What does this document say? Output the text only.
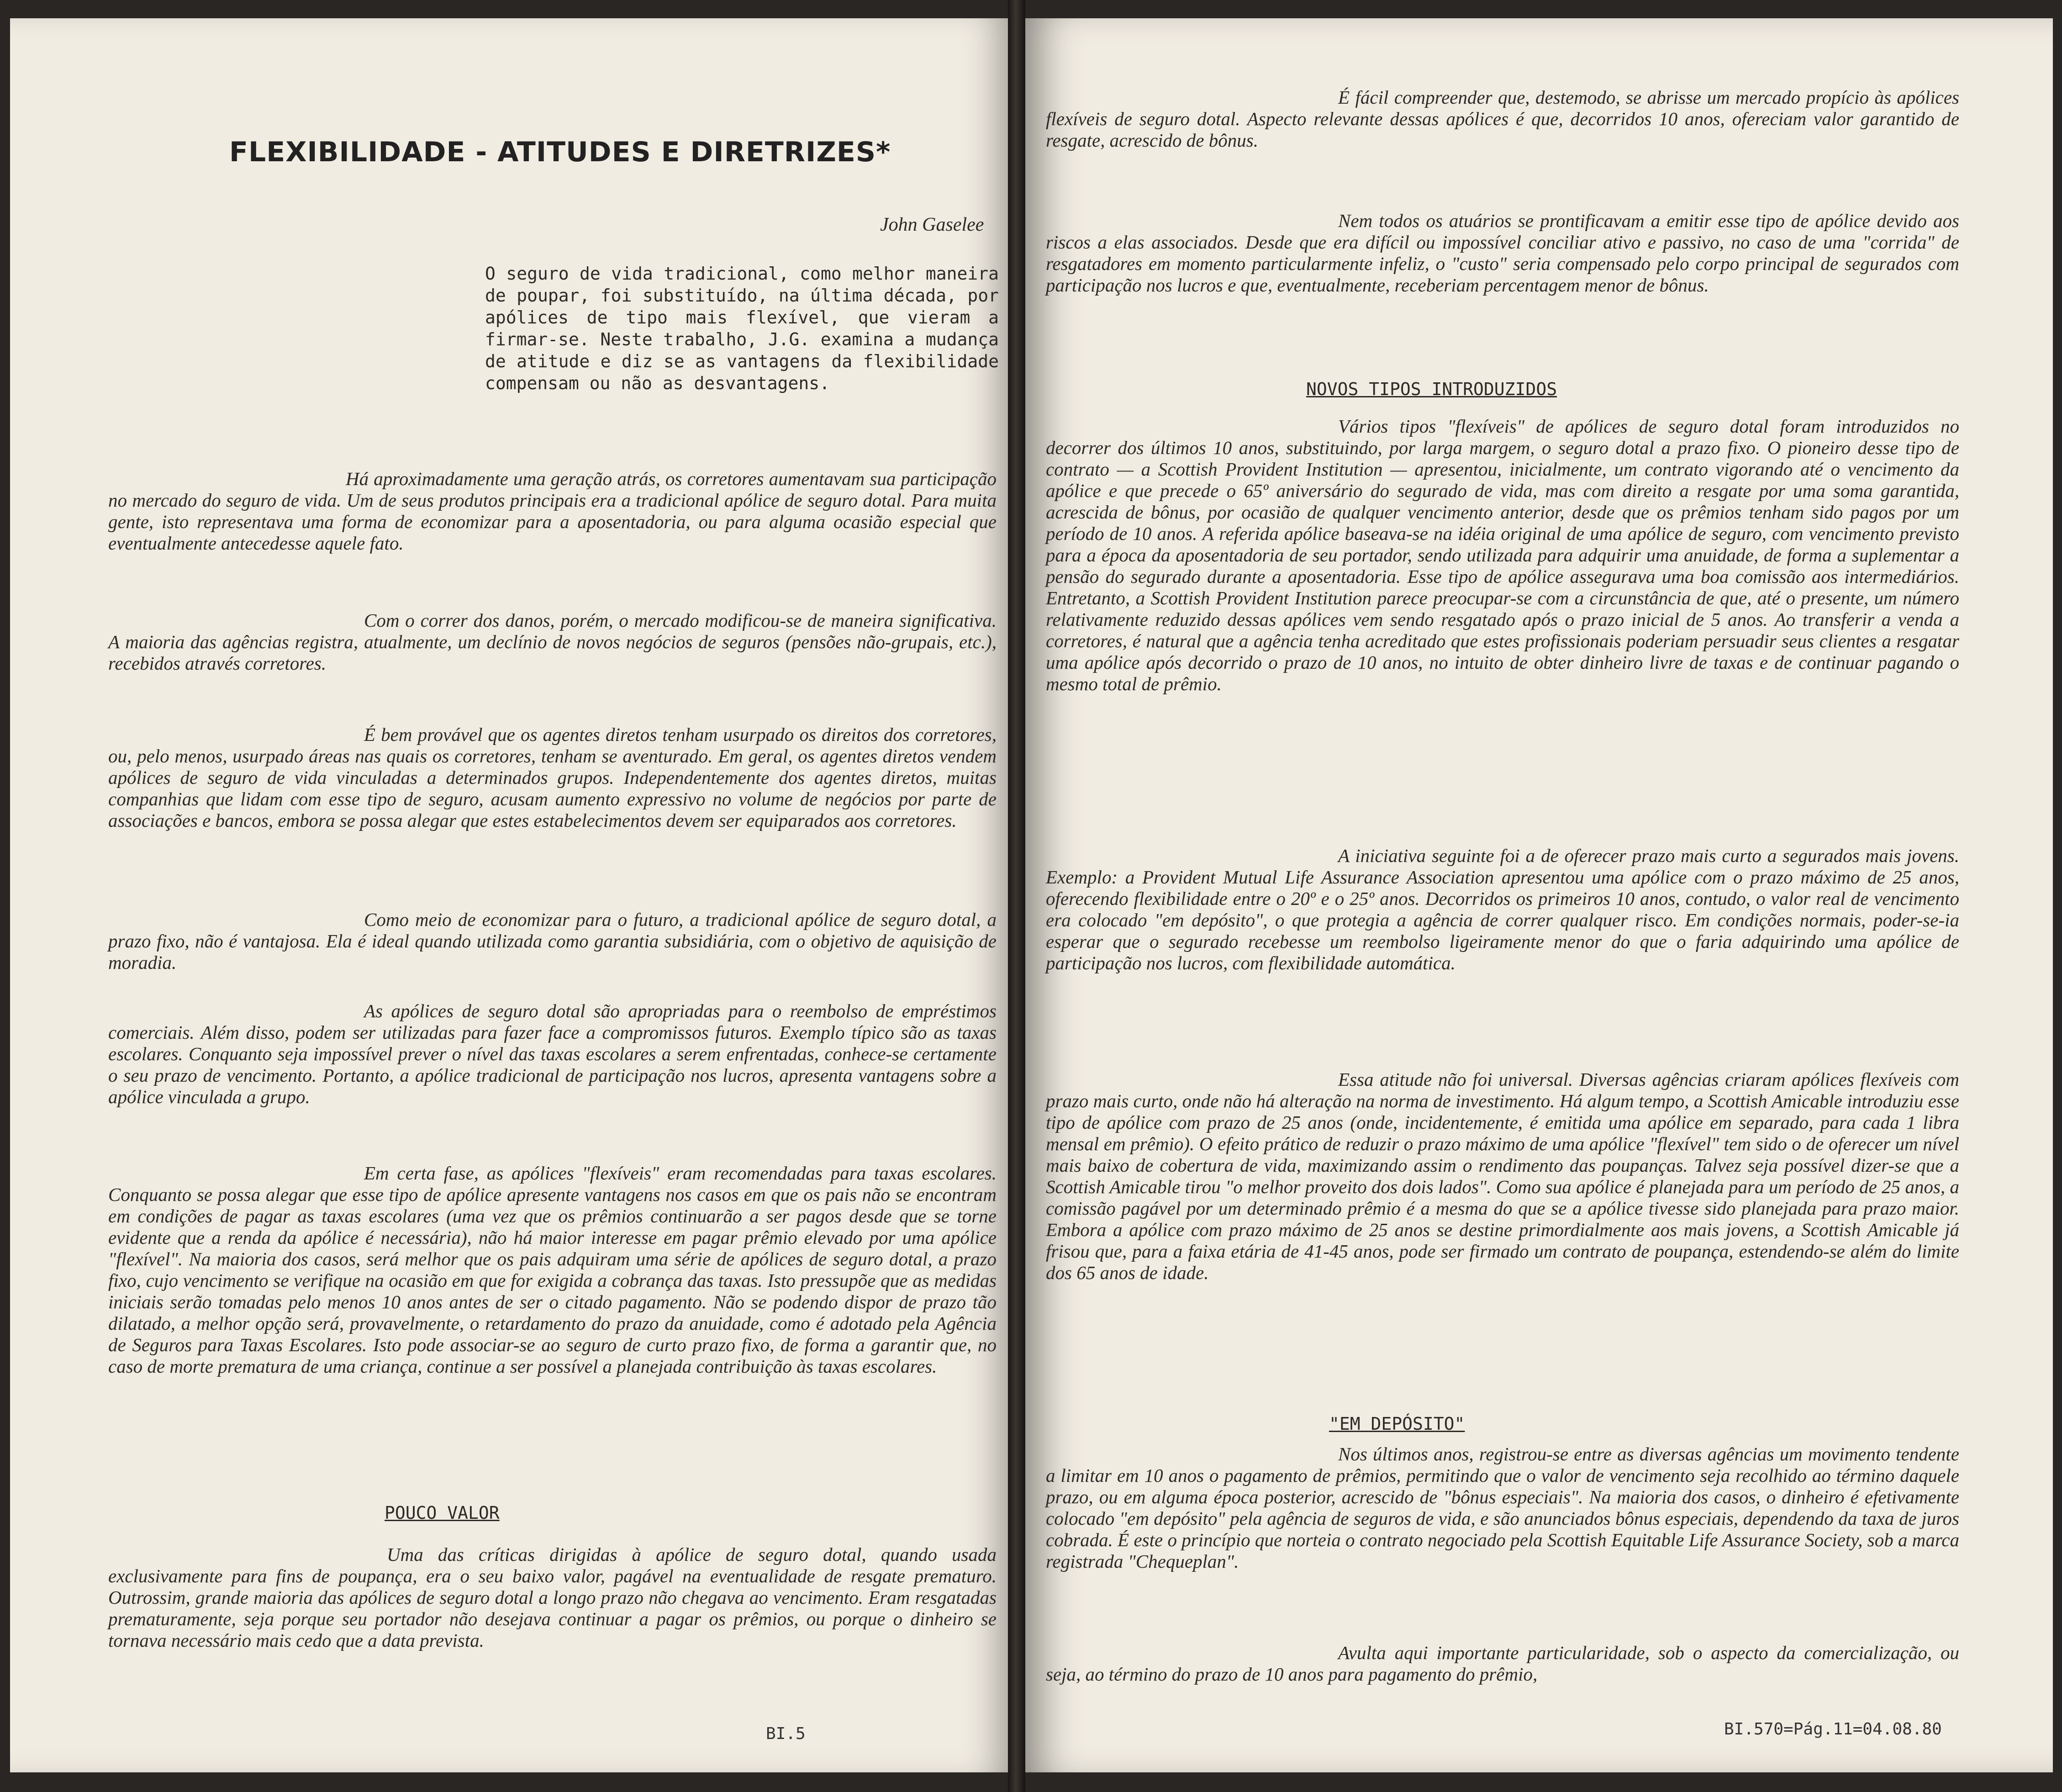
FLEXIBILIDADE - ATITUDES E DIRETRIZES*
John Gaselee
O seguro de vida tradicional, como melhor maneira de poupar, foi substituído, na última década, por apólices de tipo mais flexível, que vieram a firmar-se. Neste trabalho, J.G. examina a mudança de atitude e diz se as vantagens da flexibilidade compensam ou não as desvantagens.
Há aproximadamente uma geração atrás, os corretores aumentavam sua participação no mercado do seguro de vida. Um de seus produtos principais era a tradicional apólice de seguro dotal. Para muita gente, isto representava uma forma de economizar para a aposentadoria, ou para alguma ocasião especial que eventualmente antecedesse aquele fato.
Com o correr dos danos, porém, o mercado modificou-se de maneira significativa. A maioria das agências registra, atualmente, um declínio de novos negócios de seguros (pensões não-grupais, etc.), recebidos através corretores.
É bem provável que os agentes diretos tenham usurpado os direitos dos corretores, ou, pelo menos, usurpado áreas nas quais os corretores, tenham se aventurado. Em geral, os agentes diretos vendem apólices de seguro de vida vinculadas a determinados grupos. Independentemente dos agentes diretos, muitas companhias que lidam com esse tipo de seguro, acusam aumento expressivo no volume de negócios por parte de associações e bancos, embora se possa alegar que estes estabelecimentos devem ser equiparados aos corretores.
Como meio de economizar para o futuro, a tradicional apólice de seguro dotal, a prazo fixo, não é vantajosa. Ela é ideal quando utilizada como garantia subsidiária, com o objetivo de aquisição de moradia.
As apólices de seguro dotal são apropriadas para o reembolso de empréstimos comerciais. Além disso, podem ser utilizadas para fazer face a compromissos futuros. Exemplo típico são as taxas escolares. Conquanto seja impossível prever o nível das taxas escolares a serem enfrentadas, conhece-se certamente o seu prazo de vencimento. Portanto, a apólice tradicional de participação nos lucros, apresenta vantagens sobre a apólice vinculada a grupo.
Em certa fase, as apólices "flexíveis" eram recomendadas para taxas escolares. Conquanto se possa alegar que esse tipo de apólice apresente vantagens nos casos em que os pais não se encontram em condições de pagar as taxas escolares (uma vez que os prêmios continuarão a ser pagos desde que se torne evidente que a renda da apólice é necessária), não há maior interesse em pagar prêmio elevado por uma apólice "flexível". Na maioria dos casos, será melhor que os pais adquiram uma série de apólices de seguro dotal, a prazo fixo, cujo vencimento se verifique na ocasião em que for exigida a cobrança das taxas. Isto pressupõe que as medidas iniciais serão tomadas pelo menos 10 anos antes de ser o citado pagamento. Não se podendo dispor de prazo tão dilatado, a melhor opção será, provavelmente, o retardamento do prazo da anuidade, como é adotado pela Agência de Seguros para Taxas Escolares. Isto pode associar-se ao seguro de curto prazo fixo, de forma a garantir que, no caso de morte prematura de uma criança, continue a ser possível a planejada contribuição às taxas escolares.
POUCO VALOR
Uma das críticas dirigidas à apólice de seguro dotal, quando usada exclusivamente para fins de poupança, era o seu baixo valor, pagável na eventualidade de resgate prematuro. Outrossim, grande maioria das apólices de seguro dotal a longo prazo não chegava ao vencimento. Eram resgatadas prematuramente, seja porque seu portador não desejava continuar a pagar os prêmios, ou porque o dinheiro se tornava necessário mais cedo que a data prevista.
BI.5
É fácil compreender que, destemodo, se abrisse um mercado propício às apólices flexíveis de seguro dotal. Aspecto relevante dessas apólices é que, decorridos 10 anos, ofereciam valor garantido de resgate, acrescido de bônus.
Nem todos os atuários se prontificavam a emitir esse tipo de apólice devido aos riscos a elas associados. Desde que era difícil ou impossível conciliar ativo e passivo, no caso de uma "corrida" de resgatadores em momento particularmente infeliz, o "custo" seria compensado pelo corpo principal de segurados com participação nos lucros e que, eventualmente, receberiam percentagem menor de bônus.
NOVOS TIPOS INTRODUZIDOS
Vários tipos "flexíveis" de apólices de seguro dotal foram introduzidos no decorrer dos últimos 10 anos, substituindo, por larga margem, o seguro dotal a prazo fixo. O pioneiro desse tipo de contrato — a Scottish Provident Institution — apresentou, inicialmente, um contrato vigorando até o vencimento da apólice e que precede o 65º aniversário do segurado de vida, mas com direito a resgate por uma soma garantida, acrescida de bônus, por ocasião de qualquer vencimento anterior, desde que os prêmios tenham sido pagos por um período de 10 anos. A referida apólice baseava-se na idéia original de uma apólice de seguro, com vencimento previsto para a época da aposentadoria de seu portador, sendo utilizada para adquirir uma anuidade, de forma a suplementar a pensão do segurado durante a aposentadoria. Esse tipo de apólice assegurava uma boa comissão aos intermediários. Entretanto, a Scottish Provident Institution parece preocupar-se com a circunstância de que, até o presente, um número relativamente reduzido dessas apólices vem sendo resgatado após o prazo inicial de 5 anos. Ao transferir a venda a corretores, é natural que a agência tenha acreditado que estes profissionais poderiam persuadir seus clientes a resgatar uma apólice após decorrido o prazo de 10 anos, no intuito de obter dinheiro livre de taxas e de continuar pagando o mesmo total de prêmio.
A iniciativa seguinte foi a de oferecer prazo mais curto a segurados mais jovens. Exemplo: a Provident Mutual Life Assurance Association apresentou uma apólice com o prazo máximo de 25 anos, oferecendo flexibilidade entre o 20º e o 25º anos. Decorridos os primeiros 10 anos, contudo, o valor real de vencimento era colocado "em depósito", o que protegia a agência de correr qualquer risco. Em condições normais, poder-se-ia esperar que o segurado recebesse um reembolso ligeiramente menor do que o faria adquirindo uma apólice de participação nos lucros, com flexibilidade automática.
Essa atitude não foi universal. Diversas agências criaram apólices flexíveis com prazo mais curto, onde não há alteração na norma de investimento. Há algum tempo, a Scottish Amicable introduziu esse tipo de apólice com prazo de 25 anos (onde, incidentemente, é emitida uma apólice em separado, para cada 1 libra mensal em prêmio). O efeito prático de reduzir o prazo máximo de uma apólice "flexível" tem sido o de oferecer um nível mais baixo de cobertura de vida, maximizando assim o rendimento das poupanças. Talvez seja possível dizer-se que a Scottish Amicable tirou "o melhor proveito dos dois lados". Como sua apólice é planejada para um período de 25 anos, a comissão pagável por um determinado prêmio é a mesma do que se a apólice tivesse sido planejada para prazo maior. Embora a apólice com prazo máximo de 25 anos se destine primordialmente aos mais jovens, a Scottish Amicable já frisou que, para a faixa etária de 41-45 anos, pode ser firmado um contrato de poupança, estendendo-se além do limite dos 65 anos de idade.
"EM DEPÓSITO"
Nos últimos anos, registrou-se entre as diversas agências um movimento tendente a limitar em 10 anos o pagamento de prêmios, permitindo que o valor de vencimento seja recolhido ao término daquele prazo, ou em alguma época posterior, acrescido de "bônus especiais". Na maioria dos casos, o dinheiro é efetivamente colocado "em depósito" pela agência de seguros de vida, e são anunciados bônus especiais, dependendo da taxa de juros cobrada. É este o princípio que norteia o contrato negociado pela Scottish Equitable Life Assurance Society, sob a marca registrada "Chequeplan".
Avulta aqui importante particularidade, sob o aspecto da comercialização, ou seja, ao término do prazo de 10 anos para pagamento do prêmio,
BI.570=Pág.11=04.08.80
